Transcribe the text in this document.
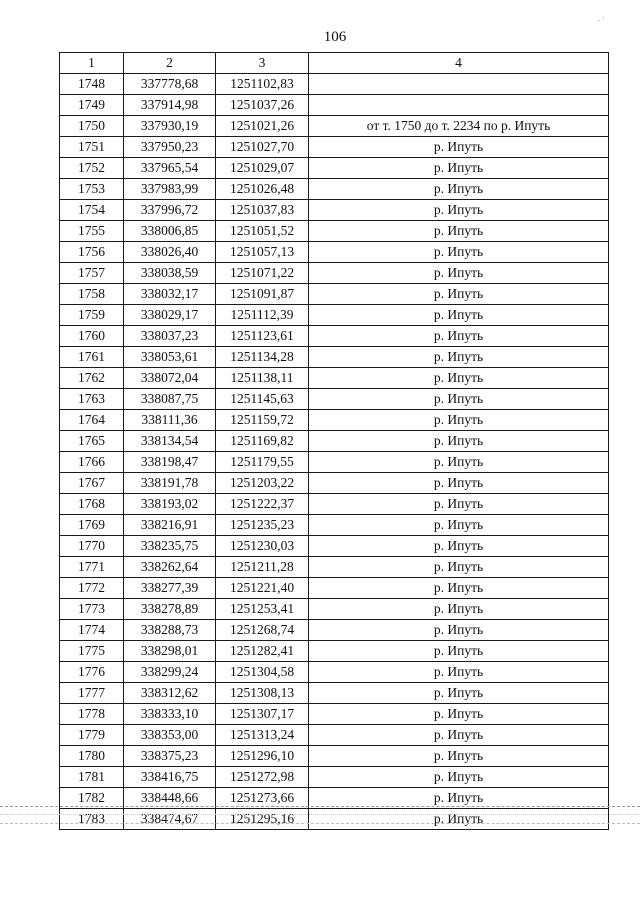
. ·
106
1	2	3	4
1748	337778,68	1251102,83	
1749	337914,98	1251037,26	
1750	337930,19	1251021,26	от т. 1750 до т. 2234 по р. Ипуть
1751	337950,23	1251027,70	р. Ипуть
1752	337965,54	1251029,07	р. Ипуть
1753	337983,99	1251026,48	р. Ипуть
1754	337996,72	1251037,83	р. Ипуть
1755	338006,85	1251051,52	р. Ипуть
1756	338026,40	1251057,13	р. Ипуть
1757	338038,59	1251071,22	р. Ипуть
1758	338032,17	1251091,87	р. Ипуть
1759	338029,17	1251112,39	р. Ипуть
1760	338037,23	1251123,61	р. Ипуть
1761	338053,61	1251134,28	р. Ипуть
1762	338072,04	1251138,11	р. Ипуть
1763	338087,75	1251145,63	р. Ипуть
1764	338111,36	1251159,72	р. Ипуть
1765	338134,54	1251169,82	р. Ипуть
1766	338198,47	1251179,55	р. Ипуть
1767	338191,78	1251203,22	р. Ипуть
1768	338193,02	1251222,37	р. Ипуть
1769	338216,91	1251235,23	р. Ипуть
1770	338235,75	1251230,03	р. Ипуть
1771	338262,64	1251211,28	р. Ипуть
1772	338277,39	1251221,40	р. Ипуть
1773	338278,89	1251253,41	р. Ипуть
1774	338288,73	1251268,74	р. Ипуть
1775	338298,01	1251282,41	р. Ипуть
1776	338299,24	1251304,58	р. Ипуть
1777	338312,62	1251308,13	р. Ипуть
1778	338333,10	1251307,17	р. Ипуть
1779	338353,00	1251313,24	р. Ипуть
1780	338375,23	1251296,10	р. Ипуть
1781	338416,75	1251272,98	р. Ипуть
1782	338448,66	1251273,66	р. Ипуть
1783	338474,67	1251295,16	р. Ипуть
